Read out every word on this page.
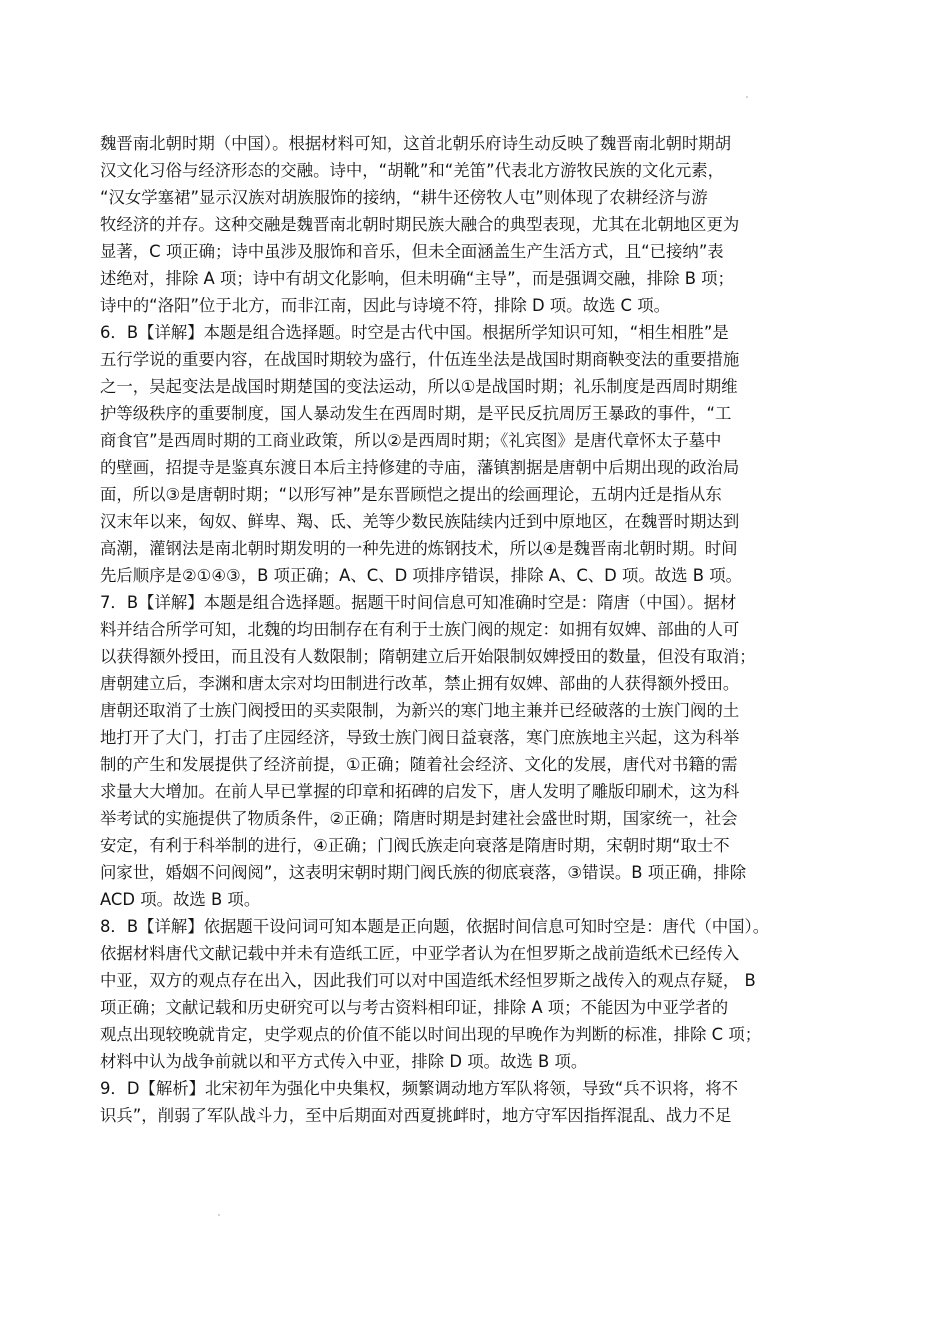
魏晋南北朝时期（中国）。根据材料可知，这首北朝乐府诗生动反映了魏晋南北朝时期胡
汉文化习俗与经济形态的交融。诗中，“胡靴”和“羌笛”代表北方游牧民族的文化元素，
“汉女学塞裙”显示汉族对胡族服饰的接纳，“耕牛还傍牧人屯”则体现了农耕经济与游
牧经济的并存。这种交融是魏晋南北朝时期民族大融合的典型表现，尤其在北朝地区更为
显著，C 项正确；诗中虽涉及服饰和音乐，但未全面涵盖生产生活方式，且“已接纳”表
述绝对，排除 A 项；诗中有胡文化影响，但未明确“主导”，而是强调交融，排除 B 项；
诗中的“洛阳”位于北方，而非江南，因此与诗境不符，排除 D 项。故选 C 项。
6．B【详解】本题是组合选择题。时空是古代中国。根据所学知识可知，“相生相胜”是
五行学说的重要内容，在战国时期较为盛行，什伍连坐法是战国时期商鞅变法的重要措施
之一，吴起变法是战国时期楚国的变法运动，所以①是战国时期；礼乐制度是西周时期维
护等级秩序的重要制度，国人暴动发生在西周时期，是平民反抗周厉王暴政的事件，“工
商食官”是西周时期的工商业政策，所以②是西周时期；《礼宾图》是唐代章怀太子墓中
的壁画，招提寺是鉴真东渡日本后主持修建的寺庙，藩镇割据是唐朝中后期出现的政治局
面，所以③是唐朝时期；“以形写神”是东晋顾恺之提出的绘画理论，五胡内迁是指从东
汉末年以来，匈奴、鲜卑、羯、氐、羌等少数民族陆续内迁到中原地区，在魏晋时期达到
高潮，灌钢法是南北朝时期发明的一种先进的炼钢技术，所以④是魏晋南北朝时期。时间
先后顺序是②①④③，B 项正确；A、C、D 项排序错误，排除 A、C、D 项。故选 B 项。
7．B【详解】本题是组合选择题。据题干时间信息可知准确时空是：隋唐（中国）。据材
料并结合所学可知，北魏的均田制存在有利于士族门阀的规定：如拥有奴婢、部曲的人可
以获得额外授田，而且没有人数限制；隋朝建立后开始限制奴婢授田的数量，但没有取消；
唐朝建立后，李渊和唐太宗对均田制进行改革，禁止拥有奴婢、部曲的人获得额外授田。
唐朝还取消了士族门阀授田的买卖限制，为新兴的寒门地主兼并已经破落的士族门阀的土
地打开了大门，打击了庄园经济，导致士族门阀日益衰落，寒门庶族地主兴起，这为科举
制的产生和发展提供了经济前提，①正确；随着社会经济、文化的发展，唐代对书籍的需
求量大大增加。在前人早已掌握的印章和拓碑的启发下，唐人发明了雕版印刷术，这为科
举考试的实施提供了物质条件，②正确；隋唐时期是封建社会盛世时期，国家统一，社会
安定，有利于科举制的进行，④正确；门阀氏族走向衰落是隋唐时期，宋朝时期“取士不
问家世，婚姻不问阀阅”，这表明宋朝时期门阀氏族的彻底衰落，③错误。B 项正确，排除
ACD 项。故选 B 项。
8．B【详解】依据题干设问词可知本题是正向题，依据时间信息可知时空是：唐代（中国）。
依据材料唐代文献记载中并未有造纸工匠，中亚学者认为在怛罗斯之战前造纸术已经传入
中亚，双方的观点存在出入，因此我们可以对中国造纸术经怛罗斯之战传入的观点存疑， B
项正确；文献记载和历史研究可以与考古资料相印证，排除 A 项；不能因为中亚学者的
观点出现较晚就肯定，史学观点的价值不能以时间出现的早晚作为判断的标准，排除 C 项；
材料中认为战争前就以和平方式传入中亚，排除 D 项。故选 B 项。
9．D【解析】北宋初年为强化中央集权，频繁调动地方军队将领，导致“兵不识将，将不
识兵”，削弱了军队战斗力，至中后期面对西夏挑衅时，地方守军因指挥混乱、战力不足
